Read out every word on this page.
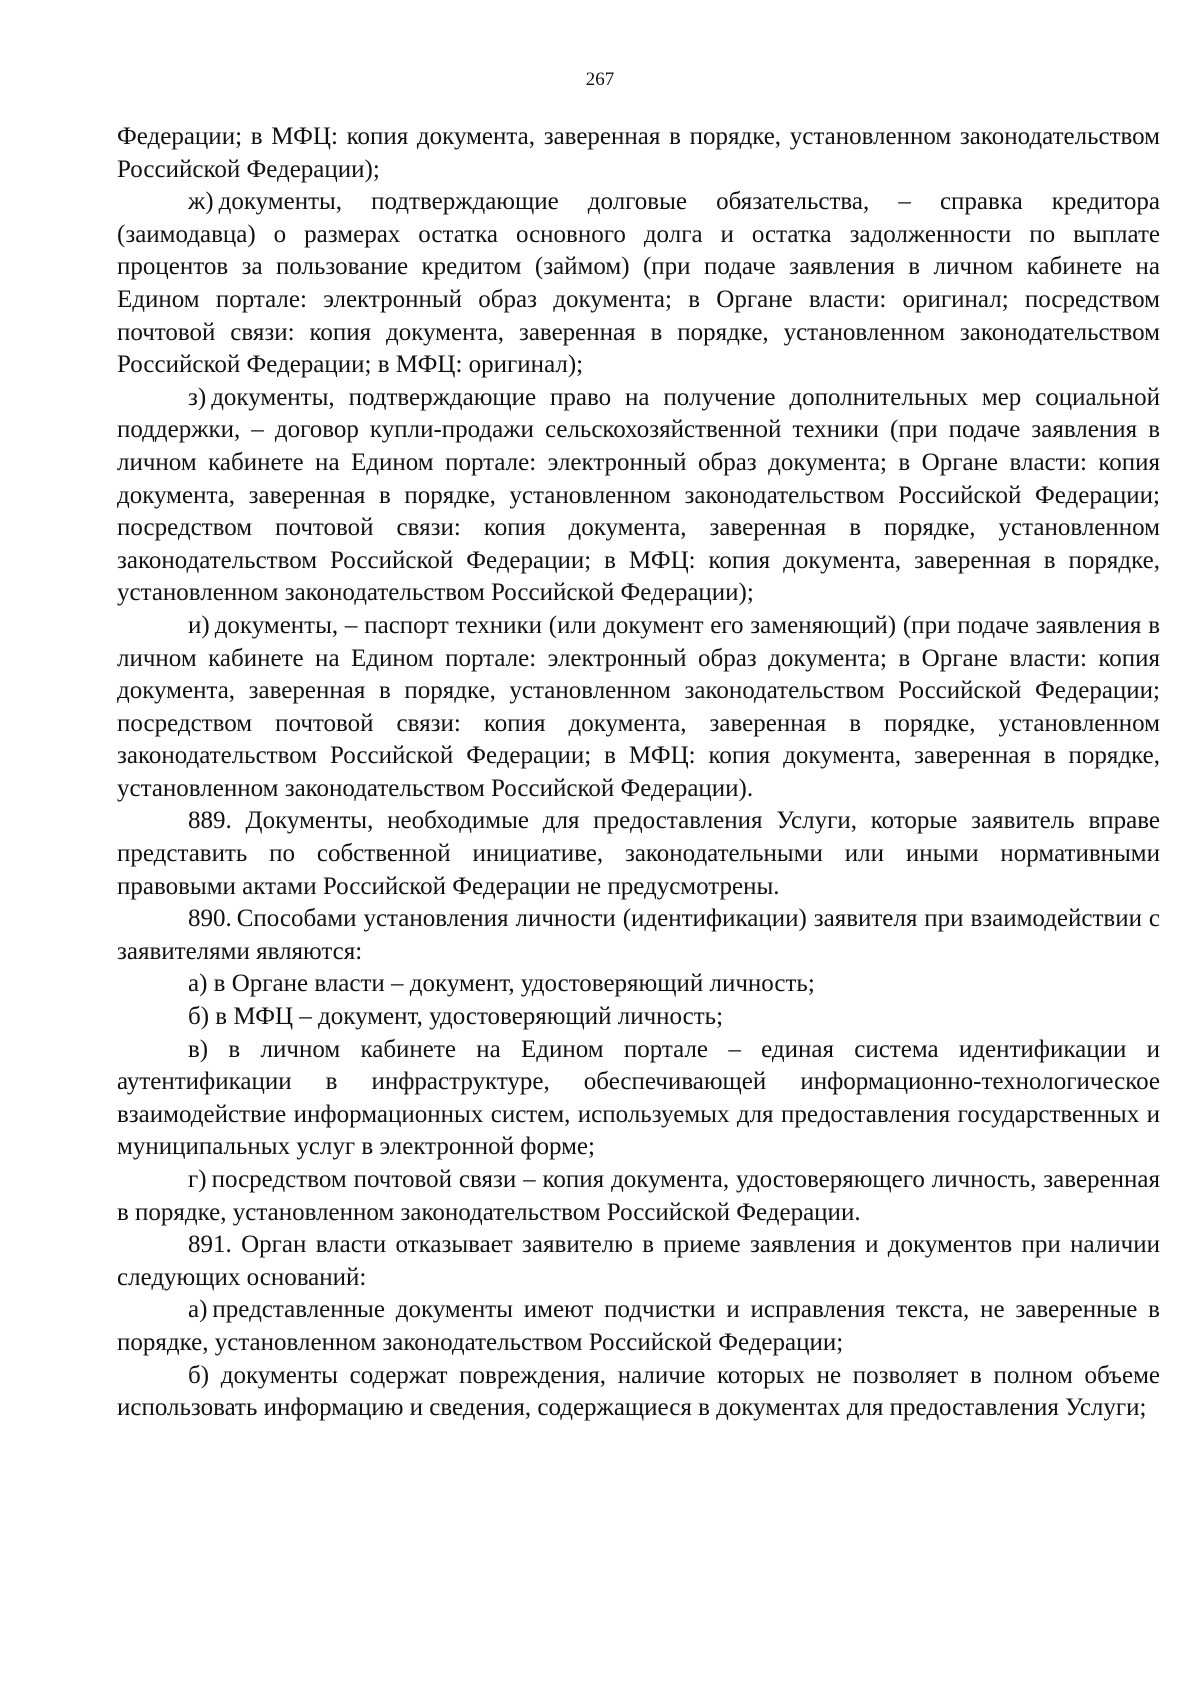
267

Федерации; в МФЦ: копия документа, заверенная в порядке, установленном законодательством Российской Федерации);

ж) документы, подтверждающие долговые обязательства, – справка кредитора (заимодавца) о размерах остатка основного долга и остатка задолженности по выплате процентов за пользование кредитом (займом) (при подаче заявления в личном кабинете на Едином портале: электронный образ документа; в Органе власти: оригинал; посредством почтовой связи: копия документа, заверенная в порядке, установленном законодательством Российской Федерации; в МФЦ: оригинал);

з) документы, подтверждающие право на получение дополнительных мер социальной поддержки, – договор купли-продажи сельскохозяйственной техники (при подаче заявления в личном кабинете на Едином портале: электронный образ документа; в Органе власти: копия документа, заверенная в порядке, установленном законодательством Российской Федерации; посредством почтовой связи: копия документа, заверенная в порядке, установленном законодательством Российской Федерации; в МФЦ: копия документа, заверенная в порядке, установленном законодательством Российской Федерации);

и) документы, – паспорт техники (или документ его заменяющий) (при подаче заявления в личном кабинете на Едином портале: электронный образ документа; в Органе власти: копия документа, заверенная в порядке, установленном законодательством Российской Федерации; посредством почтовой связи: копия документа, заверенная в порядке, установленном законодательством Российской Федерации; в МФЦ: копия документа, заверенная в порядке, установленном законодательством Российской Федерации).

889. Документы, необходимые для предоставления Услуги, которые заявитель вправе представить по собственной инициативе, законодательными или иными нормативными правовыми актами Российской Федерации не предусмотрены.

890. Способами установления личности (идентификации) заявителя при взаимодействии с заявителями являются:

а) в Органе власти – документ, удостоверяющий личность;

б) в МФЦ – документ, удостоверяющий личность;

в) в личном кабинете на Едином портале – единая система идентификации и аутентификации в инфраструктуре, обеспечивающей информационно-технологическое взаимодействие информационных систем, используемых для предоставления государственных и муниципальных услуг в электронной форме;

г) посредством почтовой связи – копия документа, удостоверяющего личность, заверенная в порядке, установленном законодательством Российской Федерации.

891. Орган власти отказывает заявителю в приеме заявления и документов при наличии следующих оснований:

а) представленные документы имеют подчистки и исправления текста, не заверенные в порядке, установленном законодательством Российской Федерации;

б) документы содержат повреждения, наличие которых не позволяет в полном объеме использовать информацию и сведения, содержащиеся в документах для предоставления Услуги;
